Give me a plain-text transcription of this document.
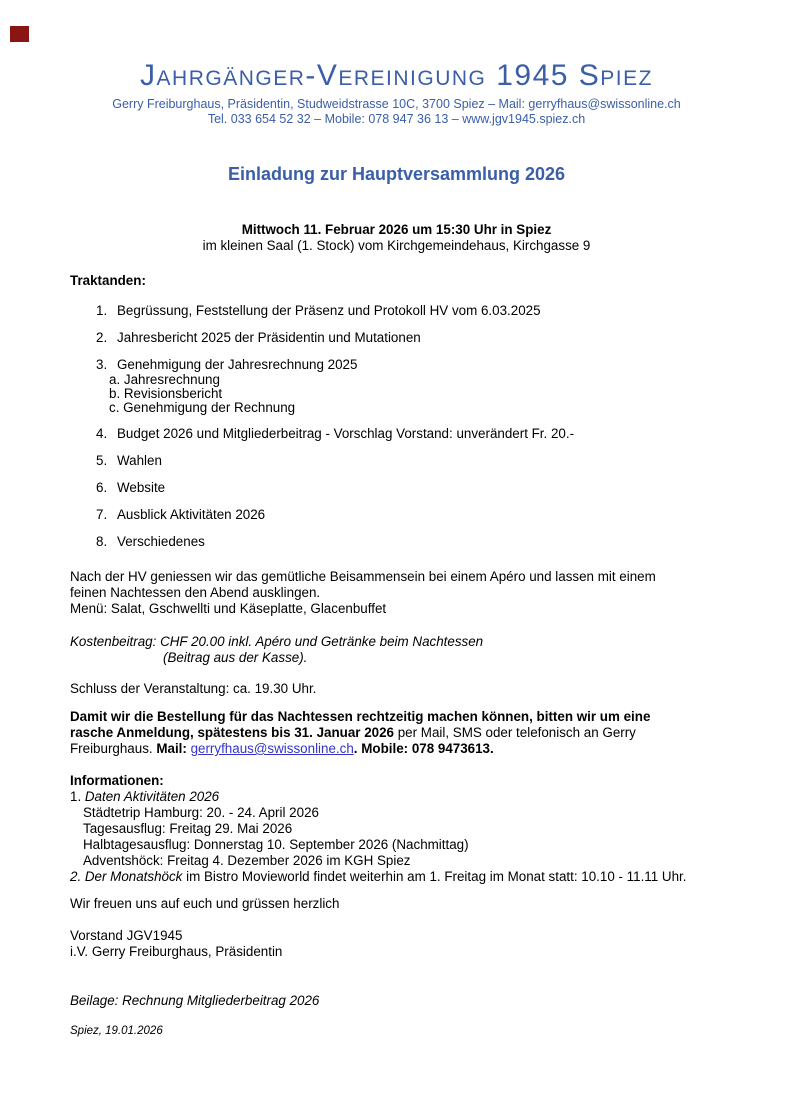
Jahrgänger-Vereinigung 1945 Spiez
Gerry Freiburghaus, Präsidentin, Studweidstrasse 10C, 3700 Spiez – Mail: gerryfhaus@swissonline.ch
Tel. 033 654 52 32 – Mobile: 078 947 36 13 – www.jgv1945.spiez.ch
Einladung zur Hauptversammlung 2026
Mittwoch 11. Februar 2026 um 15:30 Uhr in Spiez
im kleinen Saal (1. Stock) vom Kirchgemeindehaus, Kirchgasse 9
Traktanden:
1. Begrüssung, Feststellung der Präsenz und Protokoll HV vom 6.03.2025
2. Jahresbericht 2025 der Präsidentin und Mutationen
3. Genehmigung der Jahresrechnung 2025
a. Jahresrechnung
b. Revisionsbericht
c. Genehmigung der Rechnung
4. Budget 2026 und Mitgliederbeitrag - Vorschlag Vorstand: unverändert Fr. 20.-
5. Wahlen
6. Website
7. Ausblick Aktivitäten 2026
8. Verschiedenes
Nach der HV geniessen wir das gemütliche Beisammensein bei einem Apéro und lassen mit einem
feinen Nachtessen den Abend ausklingen.
Menü: Salat, Gschwellti und Käseplatte, Glacenbuffet
Kostenbeitrag: CHF 20.00 inkl. Apéro und Getränke beim Nachtessen
(Beitrag aus der Kasse).
Schluss der Veranstaltung: ca. 19.30 Uhr.
Damit wir die Bestellung für das Nachtessen rechtzeitig machen können, bitten wir um eine
rasche Anmeldung, spätestens bis 31. Januar 2026 per Mail, SMS oder telefonisch an Gerry
Freiburghaus. Mail: gerryfhaus@swissonline.ch. Mobile: 078 9473613.
Informationen:
1. Daten Aktivitäten 2026
Städtetrip Hamburg: 20. - 24. April 2026
Tagesausflug: Freitag 29. Mai 2026
Halbtagesausflug: Donnerstag 10. September 2026 (Nachmittag)
Adventshöck: Freitag 4. Dezember 2026 im KGH Spiez
2. Der Monatshöck im Bistro Movieworld findet weiterhin am 1. Freitag im Monat statt: 10.10 - 11.11 Uhr.
Wir freuen uns auf euch und grüssen herzlich
Vorstand JGV1945
i.V. Gerry Freiburghaus, Präsidentin
Beilage: Rechnung Mitgliederbeitrag 2026
Spiez, 19.01.2026
